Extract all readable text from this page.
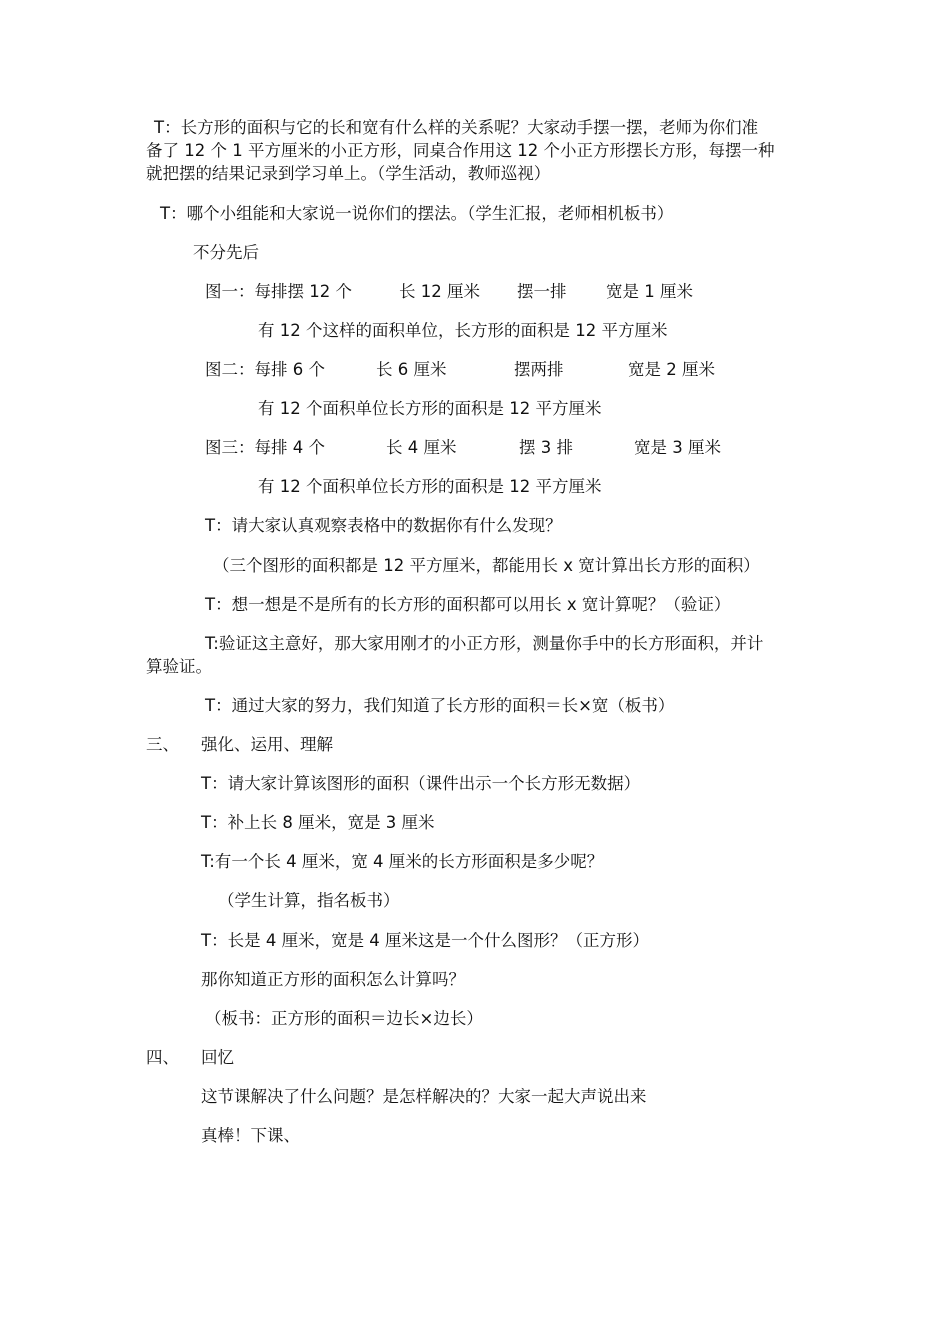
T：长方形的面积与它的长和宽有什么样的关系呢？大家动手摆一摆，老师为你们准
备了 12 个 1 平方厘米的小正方形，同桌合作用这 12 个小正方形摆长方形，每摆一种
就把摆的结果记录到学习单上。（学生活动，教师巡视）
T：哪个小组能和大家说一说你们的摆法。（学生汇报，老师相机板书）
不分先后
图一：每排摆 12 个	长 12 厘米 摆一排 宽是 1 厘米
有 12 个这样的面积单位，长方形的面积是 12 平方厘米
图二：每排 6 个	长 6 厘米	摆两排	宽是 2 厘米
有 12 个面积单位长方形的面积是 12 平方厘米
图三：每排 4 个	长 4 厘米	摆 3 排	宽是 3 厘米
有 12 个面积单位长方形的面积是 12 平方厘米
T：请大家认真观察表格中的数据你有什么发现？
（三个图形的面积都是 12 平方厘米，都能用长 x 宽计算出长方形的面积）
T：想一想是不是所有的长方形的面积都可以用长 x 宽计算呢？（验证）
T:验证这主意好，那大家用刚才的小正方形，测量你手中的长方形面积，并计
算验证。
T：通过大家的努力，我们知道了长方形的面积＝长×宽（板书）
三、 强化、运用、理解
T：请大家计算该图形的面积（课件出示一个长方形无数据）
T：补上长 8 厘米，宽是 3 厘米
T:有一个长 4 厘米，宽 4 厘米的长方形面积是多少呢？
（学生计算，指名板书）
T：长是 4 厘米，宽是 4 厘米这是一个什么图形？（正方形）
那你知道正方形的面积怎么计算吗？
（板书：正方形的面积＝边长×边长）
四、 回忆
这节课解决了什么问题？是怎样解决的？大家一起大声说出来
真棒！下课、
